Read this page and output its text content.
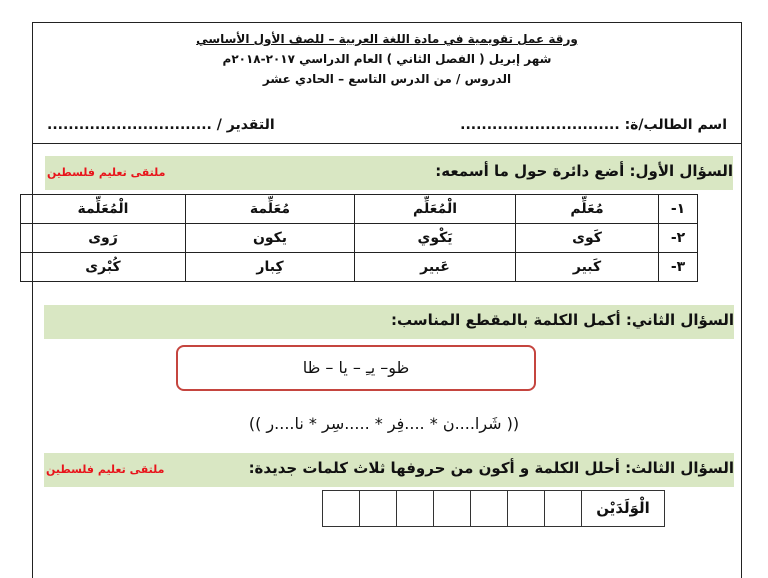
ورقة عمل تقويمية في مادة اللغة العربية – للصف الأول الأساسي
شهر إبريل ( الفصل الثاني ) العام الدراسي ٢٠١٧-٢٠١٨م
الدروس / من الدرس التاسع – الحادي عشر
اسم الطالب/ة: ..............................
التقدير / ...............................
السؤال الأول: أضع دائرة حول ما أسمعه:
ملتقى تعليم فلسطين
١-	مُعَلِّم	الْمُعَلِّم	مُعَلِّمة	الْمُعَلِّمة
٢-	كَوى	يَكْوي	يكون	رَوى
٣-	كَبير	عَبير	كِبار	كُبْرى
السؤال الثاني: أكمل الكلمة بالمقطع المناسب:
السؤال الثالث: أحلل الكلمة و أكون من حروفها ثلاث كلمات جديدة:
ملتقى تعليم فلسطين
ظو– يـِ – يا – ظا
(( شَرا....ن * ....فِر * .....سِر * نا....ر ))
الْوَلَدَيْن
